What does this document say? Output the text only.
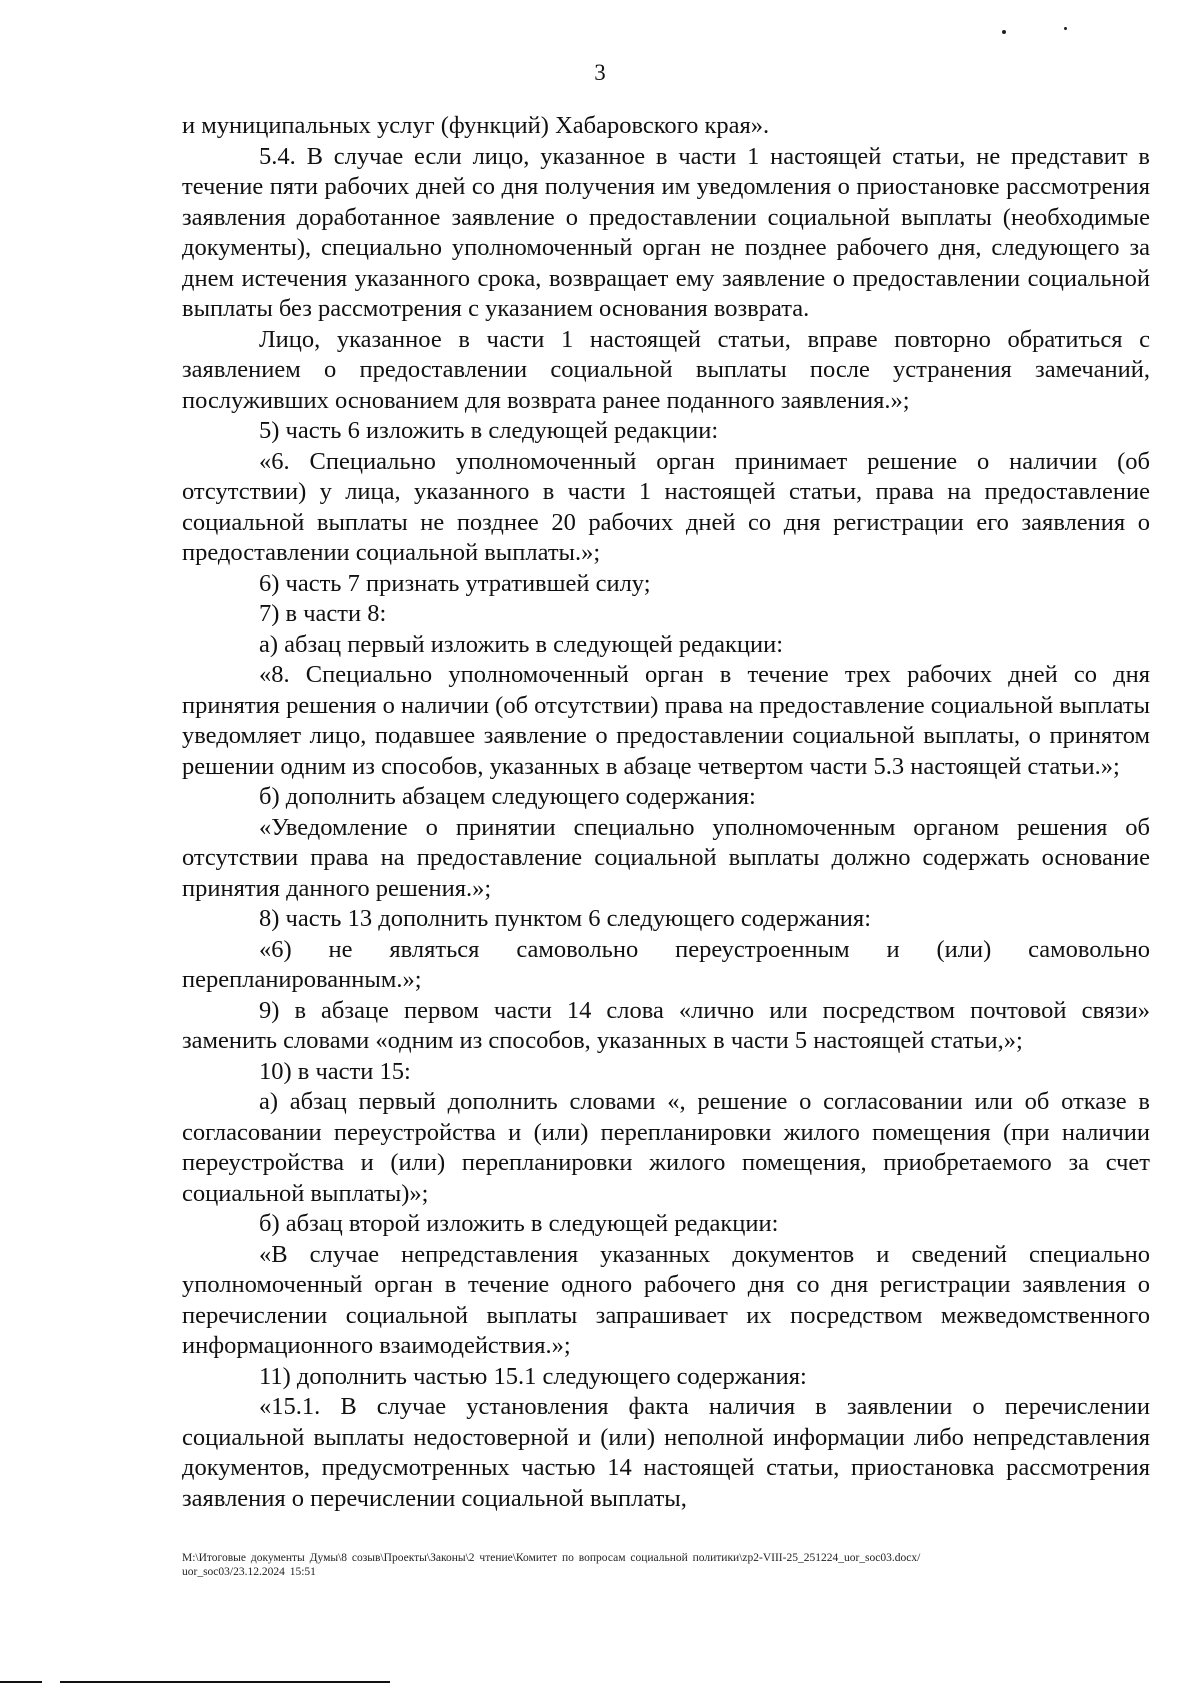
3

и муниципальных услуг (функций) Хабаровского края».

5.4. В случае если лицо, указанное в части 1 настоящей статьи, не представит в течение пяти рабочих дней со дня получения им уведомления о приостановке рассмотрения заявления доработанное заявление о предоставлении социальной выплаты (необходимые документы), специально уполномоченный орган не позднее рабочего дня, следующего за днем истечения указанного срока, возвращает ему заявление о предоставлении социальной выплаты без рассмотрения с указанием основания возврата.

Лицо, указанное в части 1 настоящей статьи, вправе повторно обратиться с заявлением о предоставлении социальной выплаты после устранения замечаний, послуживших основанием для возврата ранее поданного заявления.»;

5) часть 6 изложить в следующей редакции:

«6. Специально уполномоченный орган принимает решение о наличии (об отсутствии) у лица, указанного в части 1 настоящей статьи, права на предоставление социальной выплаты не позднее 20 рабочих дней со дня регистрации его заявления о предоставлении социальной выплаты.»;

6) часть 7 признать утратившей силу;

7) в части 8:

а) абзац первый изложить в следующей редакции:

«8. Специально уполномоченный орган в течение трех рабочих дней со дня принятия решения о наличии (об отсутствии) права на предоставление социальной выплаты уведомляет лицо, подавшее заявление о предоставлении социальной выплаты, о принятом решении одним из способов, указанных в абзаце четвертом части 5.3 настоящей статьи.»;

б) дополнить абзацем следующего содержания:

«Уведомление о принятии специально уполномоченным органом решения об отсутствии права на предоставление социальной выплаты должно содержать основание принятия данного решения.»;

8) часть 13 дополнить пунктом 6 следующего содержания:

«6) не являться самовольно переустроенным и (или) самовольно перепланированным.»;

9) в абзаце первом части 14 слова «лично или посредством почтовой связи» заменить словами «одним из способов, указанных в части 5 настоящей статьи,»;

10) в части 15:

а) абзац первый дополнить словами «, решение о согласовании или об отказе в согласовании переустройства и (или) перепланировки жилого помещения (при наличии переустройства и (или) перепланировки жилого помещения, приобретаемого за счет социальной выплаты)»;

б) абзац второй изложить в следующей редакции:

«В случае непредставления указанных документов и сведений специально уполномоченный орган в течение одного рабочего дня со дня регистрации заявления о перечислении социальной выплаты запрашивает их посредством межведомственного информационного взаимодействия.»;

11) дополнить частью 15.1 следующего содержания:

«15.1. В случае установления факта наличия в заявлении о перечислении социальной выплаты недостоверной и (или) неполной информации либо непредставления документов, предусмотренных частью 14 настоящей статьи, приостановка рассмотрения заявления о перечислении социальной выплаты,

M:\Итоговые документы Думы\8 созыв\Проекты\Законы\2 чтение\Комитет по вопросам социальной политики\zp2-VIII-25_251224_uor_soc03.docx/
uor_soc03/23.12.2024 15:51
